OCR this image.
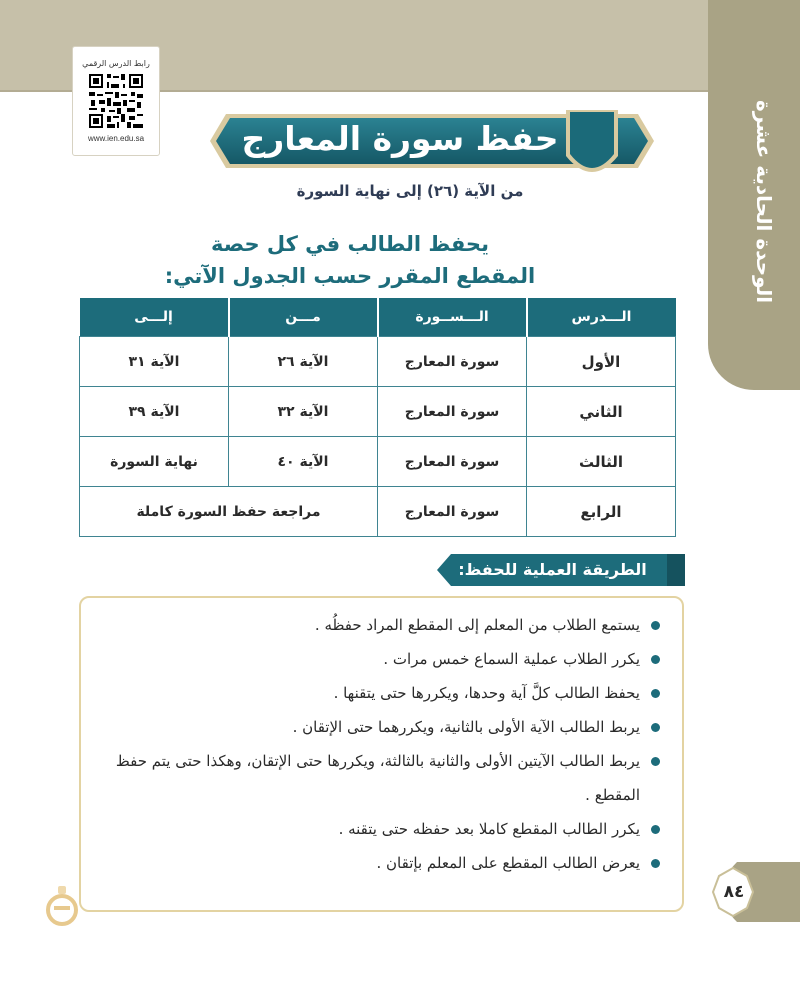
الوحدة الحادية عشرة
رابط الدرس الرقمي
www.ien.edu.sa	حفظ سورة المعارج
من الآية (٢٦) إلى نهاية السورة
يحفظ الطالب في كل حصة
المقطع المقرر حسب الجدول الآتي:
الـــدرس	الـــســورة	مـــن	إلـــى
الأول	سورة المعارج	الآية ٢٦	الآية ٣١
الثاني	سورة المعارج	الآية ٣٢	الآية ٣٩
الثالث	سورة المعارج	الآية ٤٠	نهاية السورة
الرابع	سورة المعارج	مراجعة حفظ السورة كاملة	
الطريقة العملية للحفظ:
يستمع الطلاب من المعلم إلى المقطع المراد حفظُه .
يكرر الطلاب عملية السماع خمس مرات .
يحفظ الطالب كلَّ آية وحدها، ويكررها حتى يتقنها .
يربط الطالب الآية الأولى بالثانية، ويكررهما حتى الإتقان .
يربط الطالب الآيتين الأولى والثانية بالثالثة، ويكررها حتى الإتقان، وهكذا حتى يتم حفظ المقطع .
يكرر الطالب المقطع كاملا بعد حفظه حتى يتقنه .
يعرض الطالب المقطع على المعلم بإتقان .
٨٤
